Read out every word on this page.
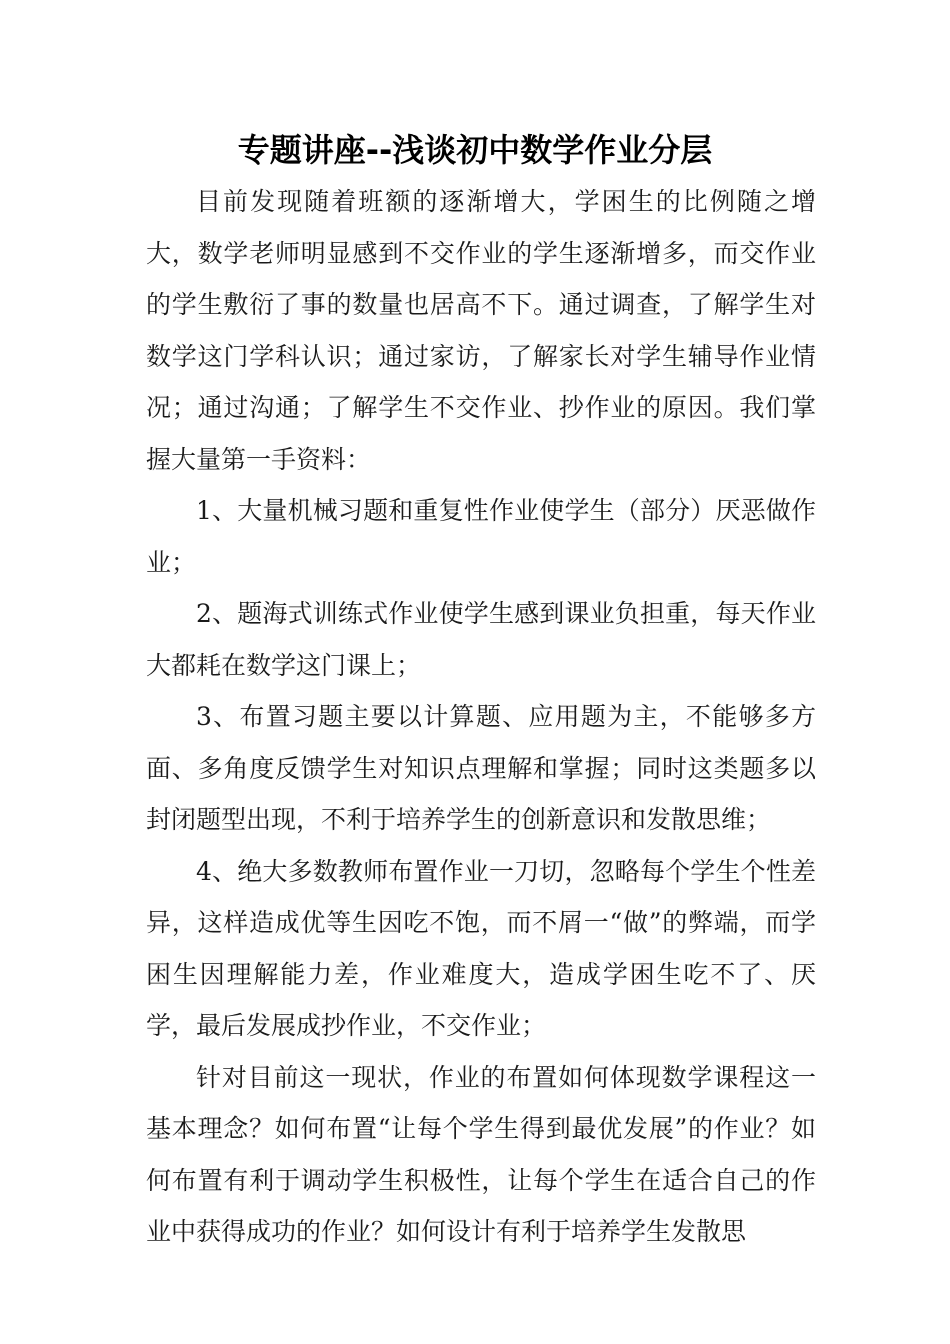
专题讲座--浅谈初中数学作业分层

目前发现随着班额的逐渐增大，学困生的比例随之增大，数学老师明显感到不交作业的学生逐渐增多，而交作业的学生敷衍了事的数量也居高不下。通过调查，了解学生对数学这门学科认识；通过家访，了解家长对学生辅导作业情况；通过沟通；了解学生不交作业、抄作业的原因。我们掌握大量第一手资料：

1、大量机械习题和重复性作业使学生（部分）厌恶做作业；

2、题海式训练式作业使学生感到课业负担重，每天作业大都耗在数学这门课上；

3、布置习题主要以计算题、应用题为主，不能够多方面、多角度反馈学生对知识点理解和掌握；同时这类题多以封闭题型出现，不利于培养学生的创新意识和发散思维；

4、绝大多数教师布置作业一刀切，忽略每个学生个性差异，这样造成优等生因吃不饱，而不屑一“做”的弊端，而学困生因理解能力差，作业难度大，造成学困生吃不了、厌学，最后发展成抄作业，不交作业；

针对目前这一现状，作业的布置如何体现数学课程这一基本理念？如何布置“让每个学生得到最优发展”的作业？如何布置有利于调动学生积极性，让每个学生在适合自己的作业中获得成功的作业？如何设计有利于培养学生发散思
